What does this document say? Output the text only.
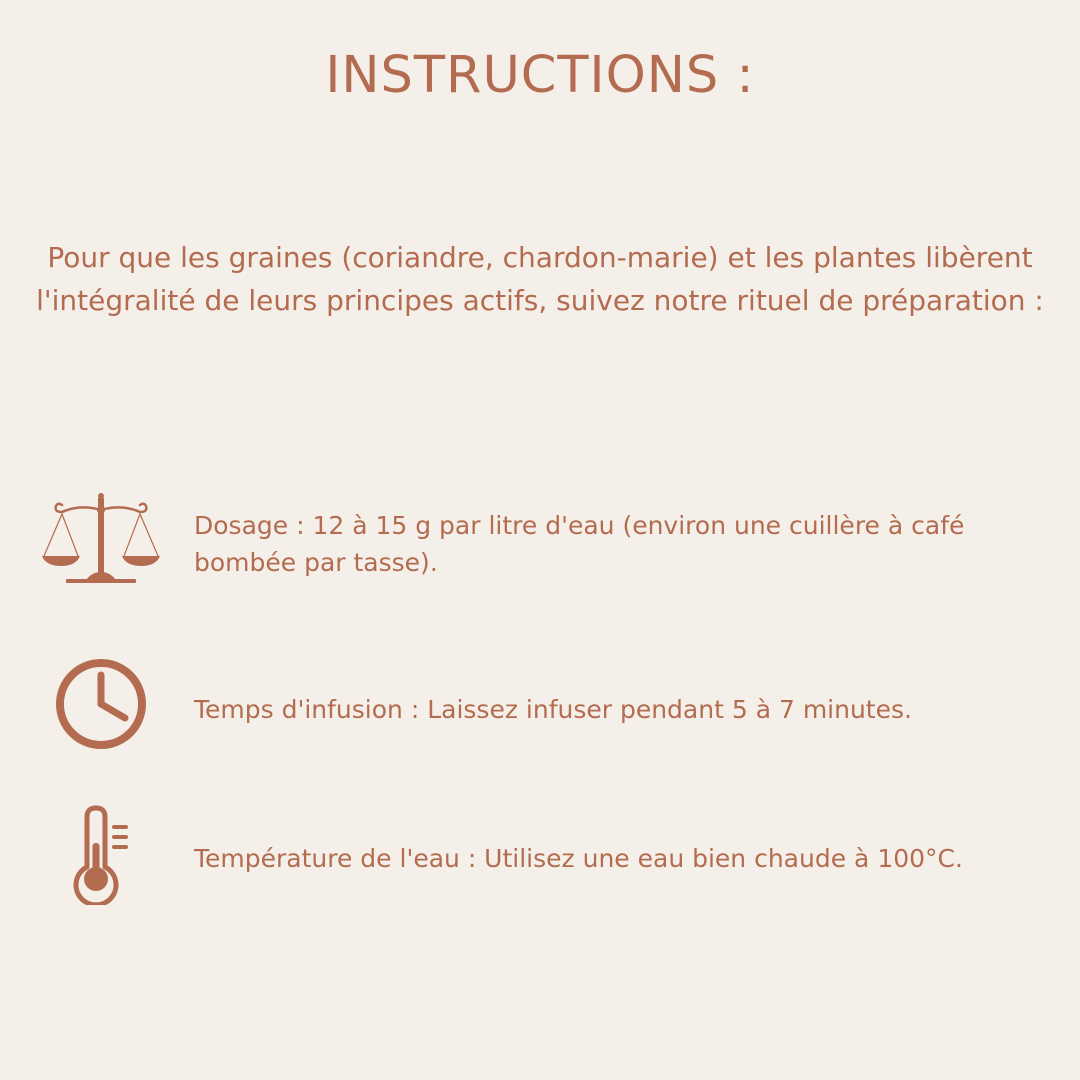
INSTRUCTIONS :

Pour que les graines (coriandre, chardon-marie) et les plantes libèrent l'intégralité de leurs principes actifs, suivez notre rituel de préparation :

Dosage : 12 à 15 g par litre d'eau (environ une cuillère à café bombée par tasse).

Temps d'infusion : Laissez infuser pendant 5 à 7 minutes.

Température de l'eau : Utilisez une eau bien chaude à 100°C.
